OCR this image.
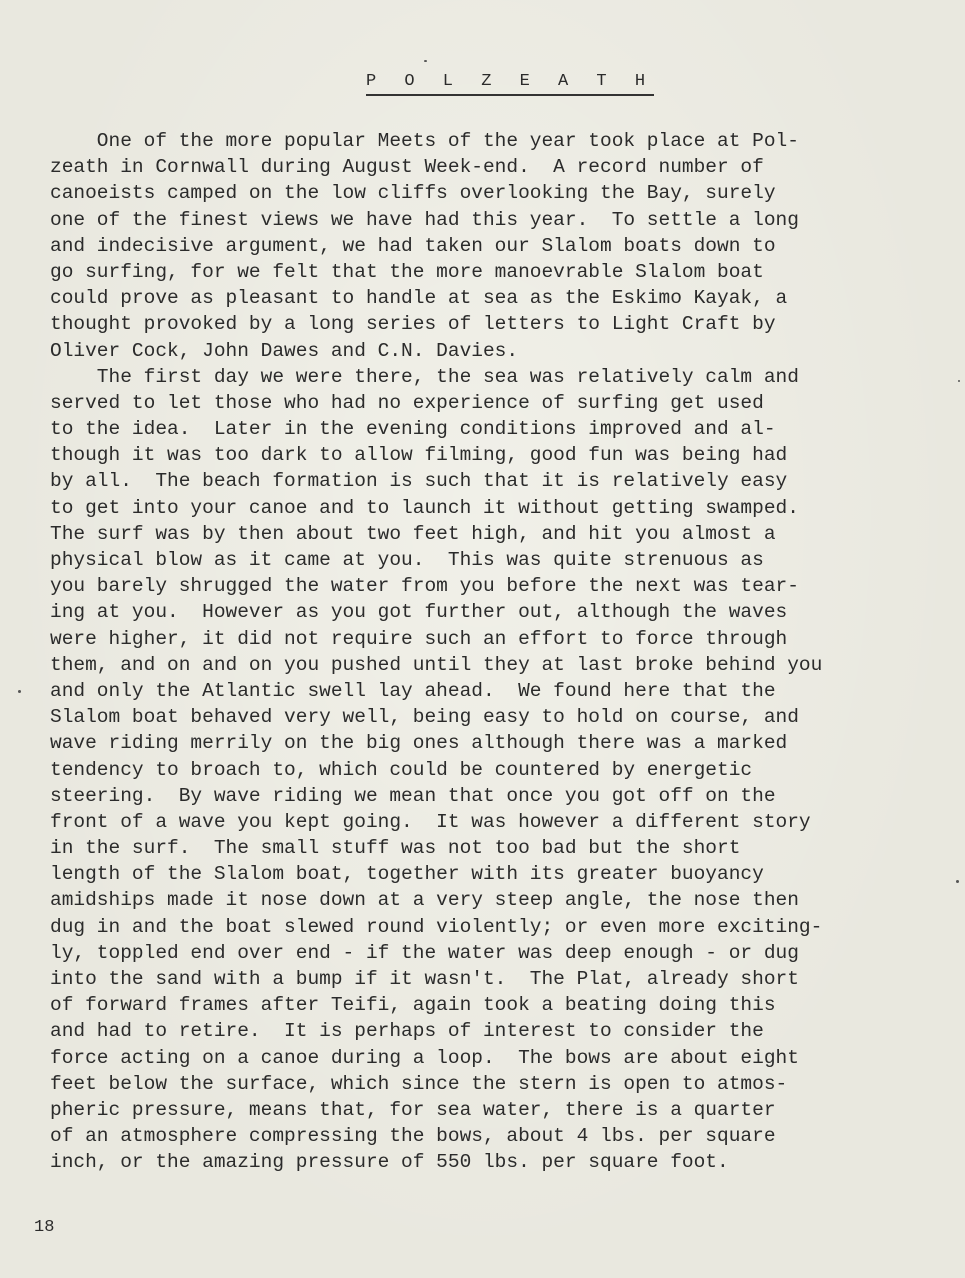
P O L Z E A T H
One of the more popular Meets of the year took place at Pol-
zeath in Cornwall during August Week-end.  A record number of
canoeists camped on the low cliffs overlooking the Bay, surely
one of the finest views we have had this year.  To settle a long
and indecisive argument, we had taken our Slalom boats down to
go surfing, for we felt that the more manoevrable Slalom boat
could prove as pleasant to handle at sea as the Eskimo Kayak, a
thought provoked by a long series of letters to Light Craft by
Oliver Cock, John Dawes and C.N. Davies.
The first day we were there, the sea was relatively calm and
served to let those who had no experience of surfing get used
to the idea.  Later in the evening conditions improved and al-
though it was too dark to allow filming, good fun was being had
by all.  The beach formation is such that it is relatively easy
to get into your canoe and to launch it without getting swamped.
The surf was by then about two feet high, and hit you almost a
physical blow as it came at you.  This was quite strenuous as
you barely shrugged the water from you before the next was tear-
ing at you.  However as you got further out, although the waves
were higher, it did not require such an effort to force through
them, and on and on you pushed until they at last broke behind you
and only the Atlantic swell lay ahead.  We found here that the
Slalom boat behaved very well, being easy to hold on course, and
wave riding merrily on the big ones although there was a marked
tendency to broach to, which could be countered by energetic
steering.  By wave riding we mean that once you got off on the
front of a wave you kept going.  It was however a different story
in the surf.  The small stuff was not too bad but the short
length of the Slalom boat, together with its greater buoyancy
amidships made it nose down at a very steep angle, the nose then
dug in and the boat slewed round violently; or even more exciting-
ly, toppled end over end - if the water was deep enough - or dug
into the sand with a bump if it wasn't.  The Plat, already short
of forward frames after Teifi, again took a beating doing this
and had to retire.  It is perhaps of interest to consider the
force acting on a canoe during a loop.  The bows are about eight
feet below the surface, which since the stern is open to atmos-
pheric pressure, means that, for sea water, there is a quarter
of an atmosphere compressing the bows, about 4 lbs. per square
inch, or the amazing pressure of 550 lbs. per square foot.
18
